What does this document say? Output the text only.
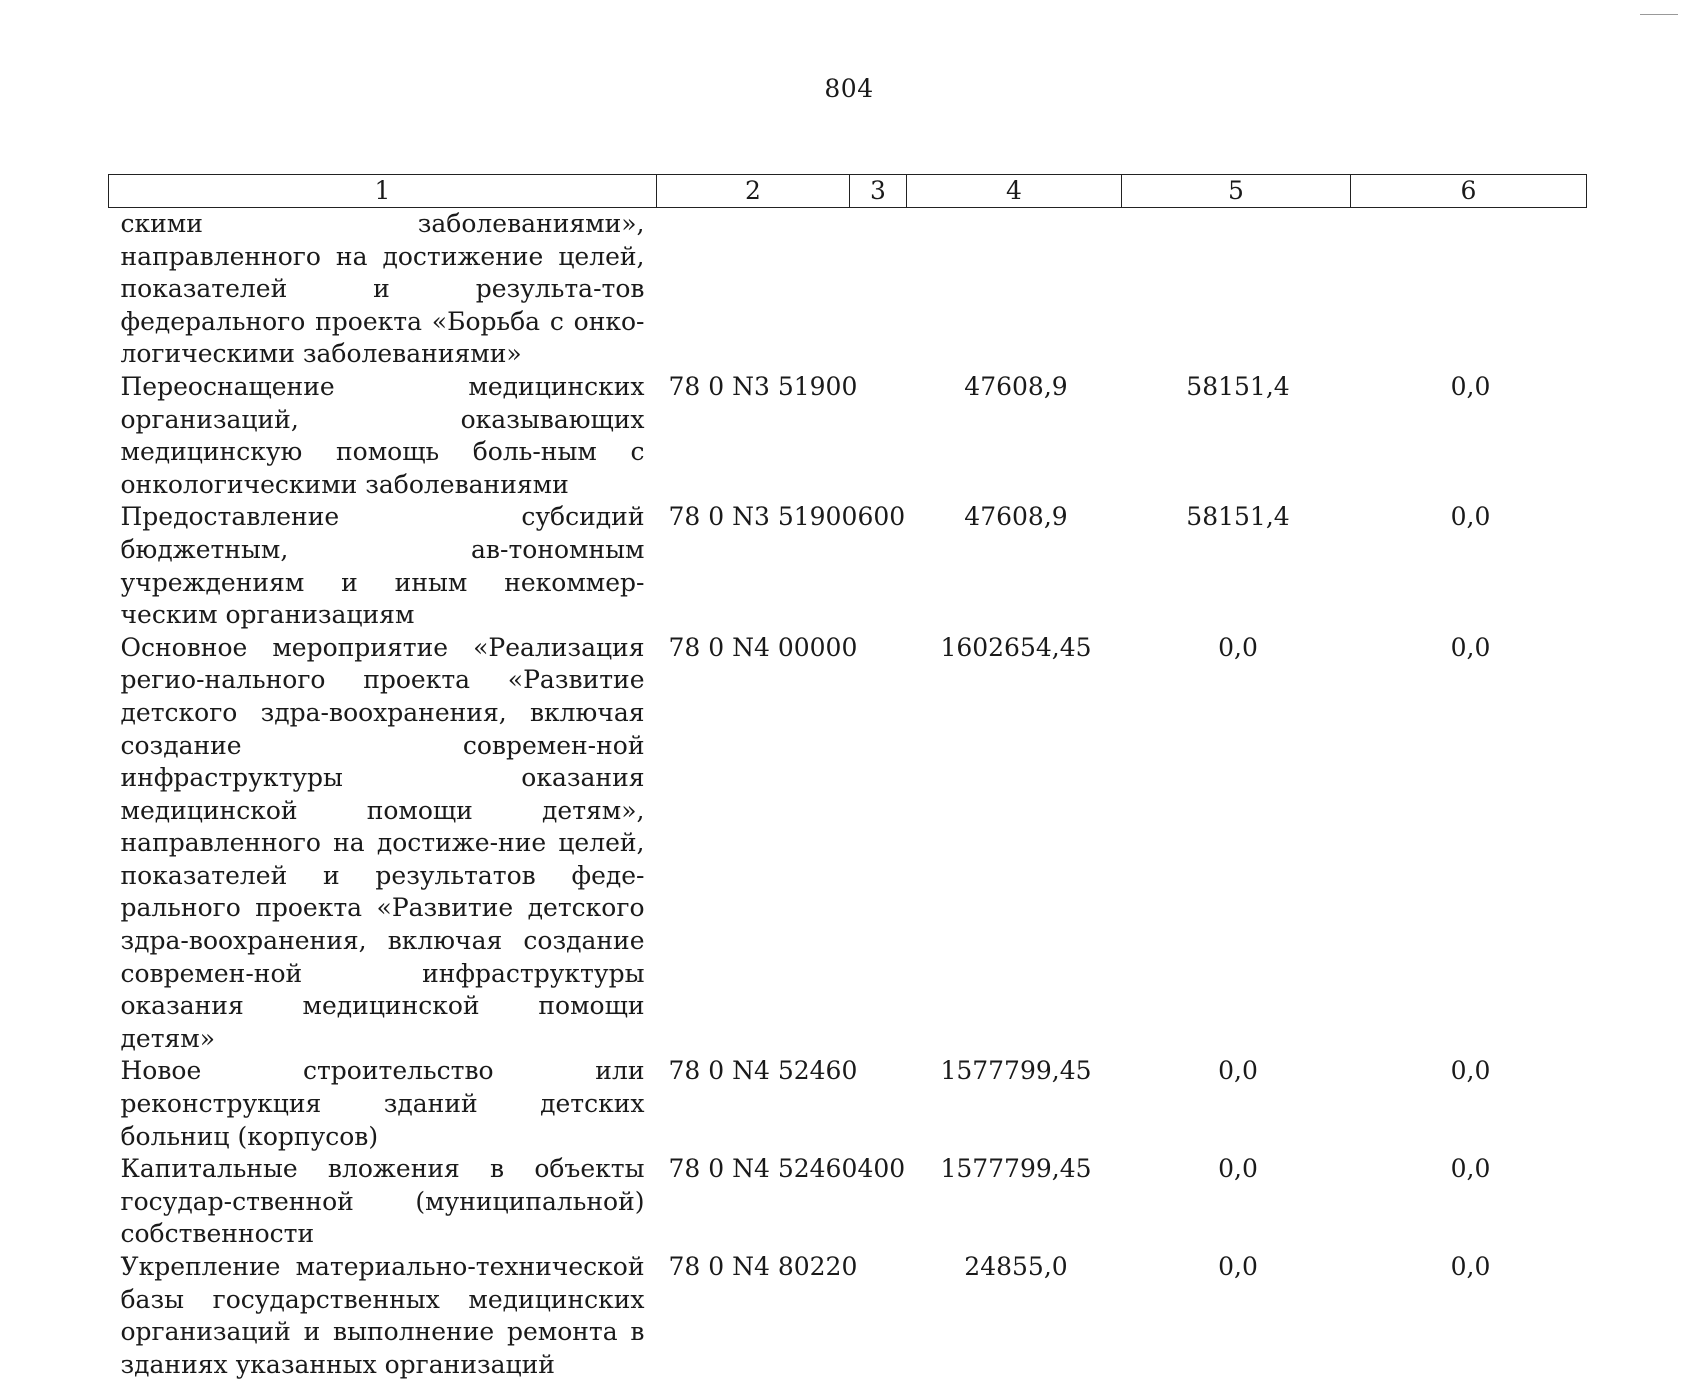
804
1	2	3	4	5	6
скими заболеваниями», направленного на достижение целей, показателей и результа-тов федерального проекта «Борьба с онко-логическими заболеваниями»					
Переоснащение медицинских организаций, оказывающих медицинскую помощь боль-ным с онкологическими заболеваниями	78 0 N3 51900		47608,9	58151,4	0,0
Предоставление субсидий бюджетным, ав-тономным учреждениям и иным некоммер-ческим организациям	78 0 N3 51900	600	47608,9	58151,4	0,0
Основное мероприятие «Реализация регио-нального проекта «Развитие детского здра-воохранения, включая создание современ-ной инфраструктуры оказания медицинской помощи детям», направленного на достиже-ние целей, показателей и результатов феде-рального проекта «Развитие детского здра-воохранения, включая создание современ-ной инфраструктуры оказания медицинской помощи детям»	78 0 N4 00000		1602654,45	0,0	0,0
Новое строительство или реконструкция зданий детских больниц (корпусов)	78 0 N4 52460		1577799,45	0,0	0,0
Капитальные вложения в объекты государ-ственной (муниципальной) собственности	78 0 N4 52460	400	1577799,45	0,0	0,0
Укрепление материально-технической базы государственных медицинских организаций и выполнение ремонта в зданиях указанных организаций	78 0 N4 80220		24855,0	0,0	0,0
